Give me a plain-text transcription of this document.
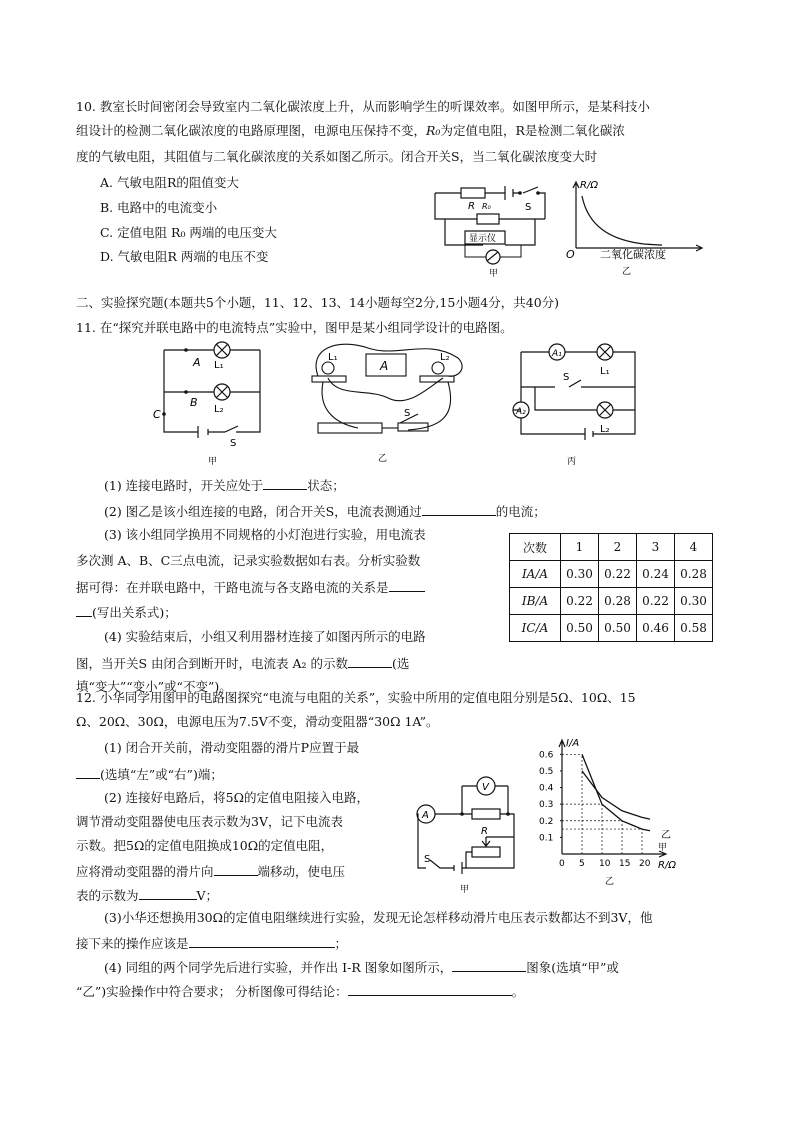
10. 教室长时间密闭会导致室内二氧化碳浓度上升，从而影响学生的听课效率。如图甲所示，是某科技小
组设计的检测二氧化碳浓度的电路原理图，电源电压保持不变，R₀为定值电阻，R是检测二氧化碳浓
度的气敏电阻，其阻值与二氧化碳浓度的关系如图乙所示。闭合开关S，当二氧化碳浓度变大时
A. 气敏电阻R的阻值变大
B. 电路中的电流变小
C. 定值电阻 R₀ 两端的电压变大
D. 气敏电阻R 两端的电压不变
R R₀	S
显示仪
甲
R/Ω
O 二氧化碳浓度
乙
二、实验探究题(本题共5个小题，11、12、13、14小题每空2分,15小题4分，共40分)
11. 在“探究并联电路中的电流特点”实验中，图甲是某小组同学设计的电路图。
A
B
C
L₁
L₂
S
甲
L₁	L₂
A
S
乙
A₁
A₂
L₁
L₂
S
丙
(1) 连接电路时，开关应处于	状态；
(2) 图乙是该小组连接的电路，闭合开关S，电流表测通过	的电流；
(3) 该小组同学换用不同规格的小灯泡进行实验，用电流表
多次测 A、B、C三点电流，记录实验数据如右表。分析实验数
据可得：在并联电路中，干路电流与各支路电流的关系是
(写出关系式)；
(4) 实验结束后，小组又利用器材连接了如图丙所示的电路
图，当开关S 由闭合到断开时，电流表 A₂ 的示数	(选
填“变大”“变小”或“不变”)。
次数	1	2	3	4
IA/A	0.30	0.22	0.24	0.28
IB/A	0.22	0.28	0.22	0.30
IC/A	0.50	0.50	0.46	0.58
12. 小华同学用图甲的电路图探究“电流与电阻的关系”，实验中所用的定值电阻分别是5Ω、10Ω、15
Ω、20Ω、30Ω，电源电压为7.5V不变，滑动变阻器“30Ω 1A”。
(1) 闭合开关前，滑动变阻器的滑片P应置于最
(选填“左”或“右”)端；
(2) 连接好电路后，将5Ω的定值电阻接入电路，
调节滑动变阻器使电压表示数为3V，记下电流表
示数。把5Ω的定值电阻换成10Ω的定值电阻，
应将滑动变阻器的滑片向	端移动，使电压
表的示数为	V；
(3)小华还想换用30Ω的定值电阻继续进行实验，发现无论怎样移动滑片电压表示数都达不到3V，他
接下来的操作应该是	；
(4) 同组的两个同学先后进行实验，并作出 I-R 图象如图所示，	图象(选填“甲”或
“乙”)实验操作中符合要求； 分析图像可得结论：	。
A
V
R
S
甲
0.1
0.2
0.3
0.4
0.5
0.6
0 5 10 15 20
I/A
R/Ω
乙
甲
乙
